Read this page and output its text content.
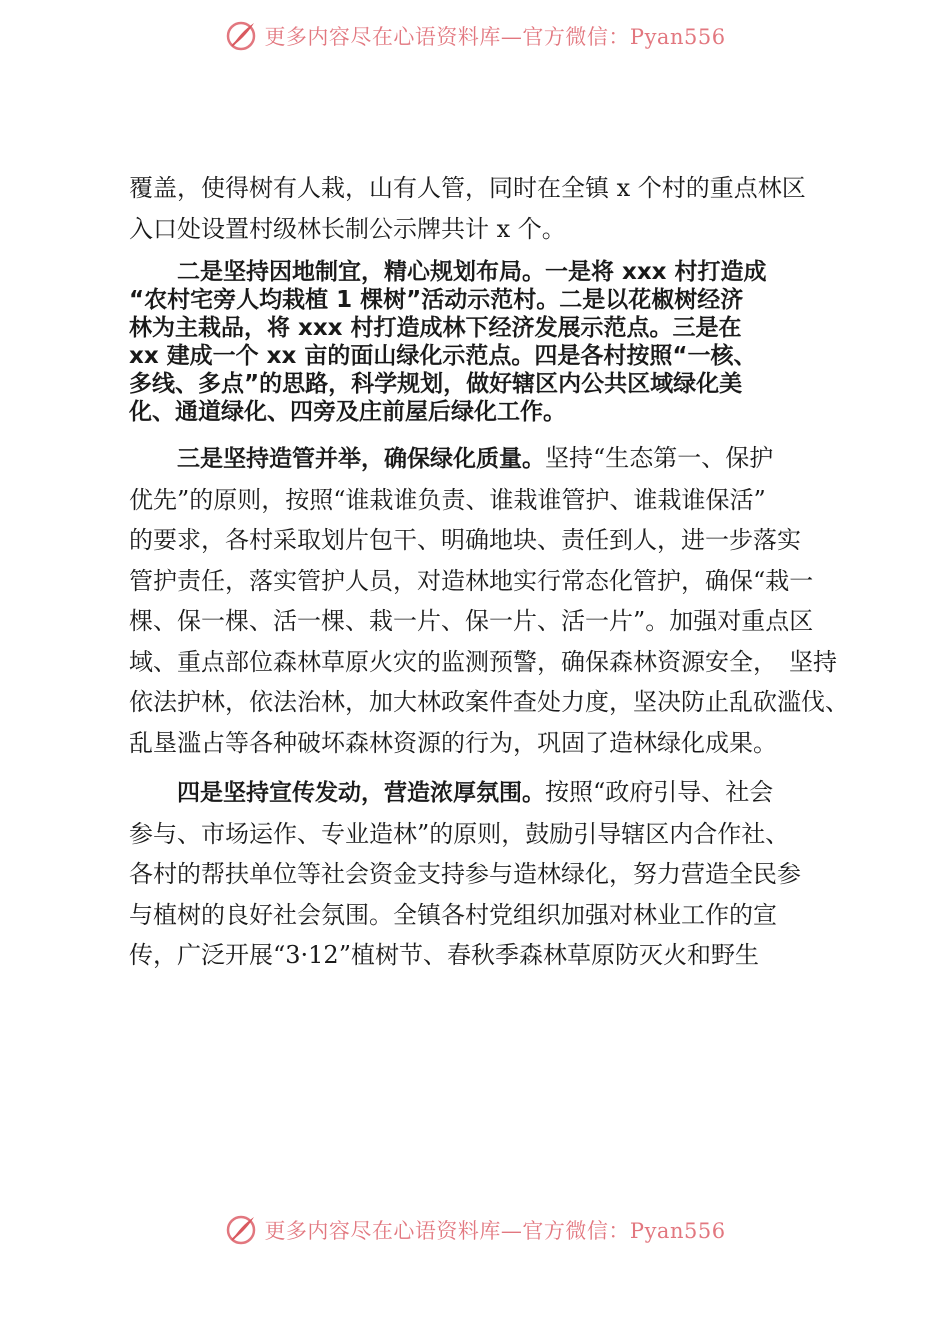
更多内容尽在心语资料库—官方微信：Pyan556

覆盖，使得树有人栽，山有人管，同时在全镇 x 个村的重点林区
入口处设置村级林长制公示牌共计 x 个。

二是坚持因地制宜，精心规划布局。一是将 xxx 村打造成
“农村宅旁人均栽植 1 棵树”活动示范村。二是以花椒树经济
林为主栽品，将 xxx 村打造成林下经济发展示范点。三是在
xx 建成一个 xx 亩的面山绿化示范点。四是各村按照“一核、
多线、多点”的思路，科学规划，做好辖区内公共区域绿化美
化、通道绿化、四旁及庄前屋后绿化工作。

三是坚持造管并举，确保绿化质量。坚持“生态第一、保护
优先”的原则，按照“谁栽谁负责、谁栽谁管护、谁栽谁保活”
的要求，各村采取划片包干、明确地块、责任到人，进一步落实
管护责任，落实管护人员，对造林地实行常态化管护，确保“栽一
棵、保一棵、活一棵、栽一片、保一片、活一片”。加强对重点区
域、重点部位森林草原火灾的监测预警，确保森林资源安全，　坚持
依法护林，依法治林，加大林政案件查处力度，坚决防止乱砍滥伐、
乱垦滥占等各种破坏森林资源的行为，巩固了造林绿化成果。

四是坚持宣传发动，营造浓厚氛围。按照“政府引导、社会
参与、市场运作、专业造林”的原则，鼓励引导辖区内合作社、
各村的帮扶单位等社会资金支持参与造林绿化，努力营造全民参
与植树的良好社会氛围。全镇各村党组织加强对林业工作的宣
传，广泛开展“3·12”植树节、春秋季森林草原防灭火和野生

更多内容尽在心语资料库—官方微信：Pyan556
